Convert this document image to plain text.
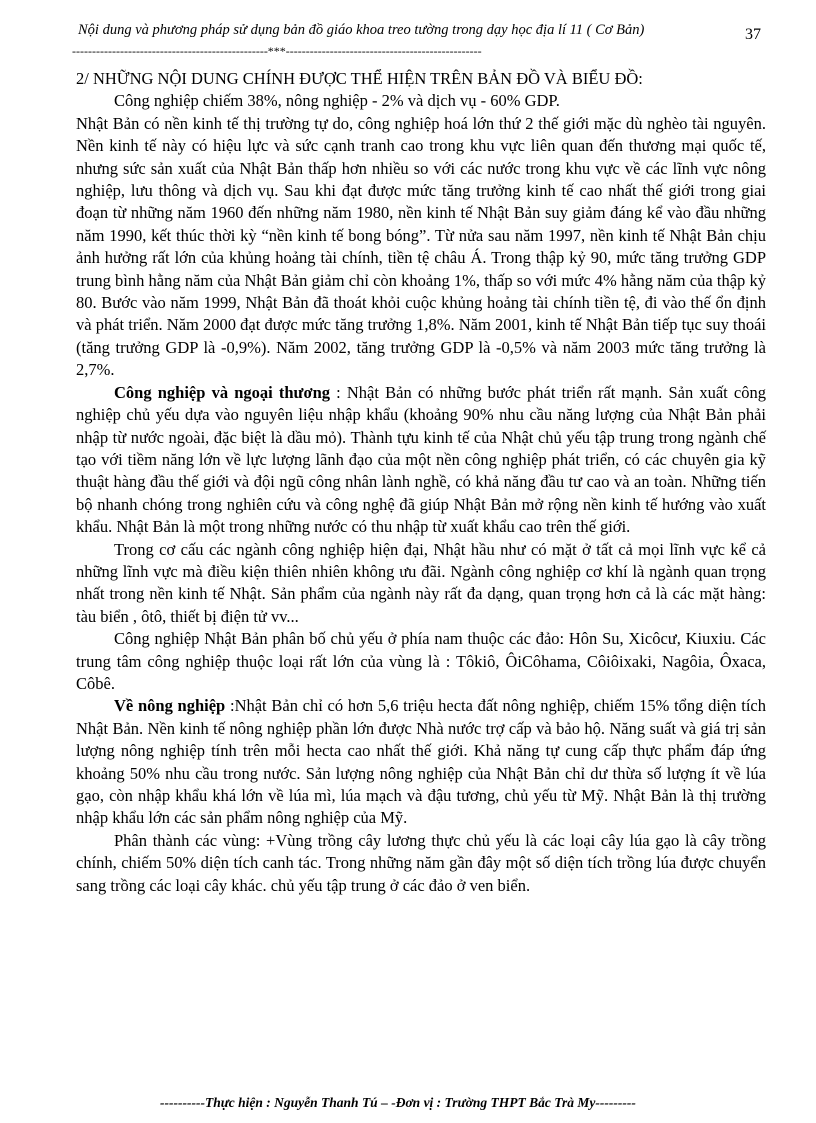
Nội dung và phương pháp sử dụng bản đồ giáo khoa treo tường trong dạy học địa lí 11 ( Cơ Bản)	37
-------------------------------------------------***-------------------------------------------------

2/ NHỮNG NỘI DUNG CHÍNH ĐƯỢC THỂ HIỆN TRÊN BẢN ĐỒ VÀ BIỂU ĐỒ:

Công nghiệp chiếm 38%, nông nghiệp - 2% và dịch vụ - 60% GDP.

Nhật Bản có nền kinh tế thị trường tự do, công nghiệp hoá lớn thứ 2 thế giới mặc dù nghèo tài nguyên. Nền kinh tế này có hiệu lực và sức cạnh tranh cao trong khu vực liên quan đến thương mại quốc tế, nhưng sức sản xuất của Nhật Bản thấp hơn nhiều so với các nước trong khu vực về các lĩnh vực nông nghiệp, lưu thông và dịch vụ. Sau khi đạt được mức tăng trưởng kinh tế cao nhất thế giới trong giai đoạn từ những năm 1960 đến những năm 1980, nền kinh tế Nhật Bản suy giảm đáng kể vào đầu những năm 1990, kết thúc thời kỳ “nền kinh tế bong bóng”. Từ nửa sau năm 1997, nền kinh tế Nhật Bản chịu ảnh hưởng rất lớn của khủng hoảng tài chính, tiền tệ châu Á. Trong thập kỷ 90, mức tăng trưởng GDP trung bình hằng năm của Nhật Bản giảm chỉ còn khoảng 1%, thấp so với mức 4% hằng năm của thập kỷ 80. Bước vào năm 1999, Nhật Bản đã thoát khỏi cuộc khủng hoảng tài chính tiền tệ, đi vào thế ổn định và phát triển. Năm 2000 đạt được mức tăng trưởng 1,8%. Năm 2001, kinh tế Nhật Bản tiếp tục suy thoái (tăng trưởng GDP là -0,9%). Năm 2002, tăng trưởng GDP là -0,5% và năm 2003 mức tăng trưởng là 2,7%.

Công nghiệp và ngoại thương : Nhật Bản có những bước phát triển rất mạnh. Sản xuất công nghiệp chủ yếu dựa vào nguyên liệu nhập khẩu (khoảng 90% nhu cầu năng lượng của Nhật Bản phải nhập từ nước ngoài, đặc biệt là dầu mỏ). Thành tựu kinh tế của Nhật chủ yếu tập trung trong ngành chế tạo với tiềm năng lớn về lực lượng lãnh đạo của một nền công nghiệp phát triển, có các chuyên gia kỹ thuật hàng đầu thế giới và đội ngũ công nhân lành nghề, có khả năng đầu tư cao và an toàn. Những tiến bộ nhanh chóng trong nghiên cứu và công nghệ đã giúp Nhật Bản mở rộng nền kinh tế hướng vào xuất khẩu. Nhật Bản là một trong những nước có thu nhập từ xuất khẩu cao trên thế giới.

Trong cơ cấu các ngành công nghiệp hiện đại, Nhật hầu như có mặt ở tất cả mọi lĩnh vực kể cả những lĩnh vực mà điều kiện thiên nhiên không ưu đãi. Ngành công nghiệp cơ khí là ngành quan trọng nhất trong nền kinh tế Nhật. Sản phẩm của ngành này rất đa dạng, quan trọng hơn cả là các mặt hàng: tàu biển , ôtô, thiết bị điện tử vv...

Công nghiệp Nhật Bản phân bố chủ yếu ở phía nam thuộc các đảo: Hôn Su, Xicôcư, Kiuxiu. Các trung tâm công nghiệp thuộc loại rất lớn của vùng là : Tôkiô, ÔiCôhama, Côiôixaki, Nagôia, Ôxaca, Côbê.

Về nông nghiệp :Nhật Bản chỉ có hơn 5,6 triệu hecta đất nông nghiệp, chiếm 15% tổng diện tích Nhật Bản. Nền kinh tế nông nghiệp phần lớn được Nhà nước trợ cấp và bảo hộ. Năng suất và giá trị sản lượng nông nghiệp tính trên mỗi hecta cao nhất thế giới. Khả năng tự cung cấp thực phẩm đáp ứng khoảng 50% nhu cầu trong nước. Sản lượng nông nghiệp của Nhật Bản chỉ dư thừa số lượng ít về lúa gạo, còn nhập khẩu khá lớn về lúa mì, lúa mạch và đậu tương, chủ yếu từ Mỹ. Nhật Bản là thị trường nhập khẩu lớn các sản phẩm nông nghiệp của Mỹ.

Phân thành các vùng: +Vùng trồng cây lương thực chủ yếu là các loại cây lúa gạo là cây trồng chính, chiếm 50% diện tích canh tác. Trong những năm gần đây một số diện tích trồng lúa được chuyển sang trồng các loại cây khác. chủ yếu tập trung ở các đảo ở ven biển.

----------Thực hiện : Nguyễn Thanh Tú – -Đơn vị : Trường THPT Bắc Trà My---------
